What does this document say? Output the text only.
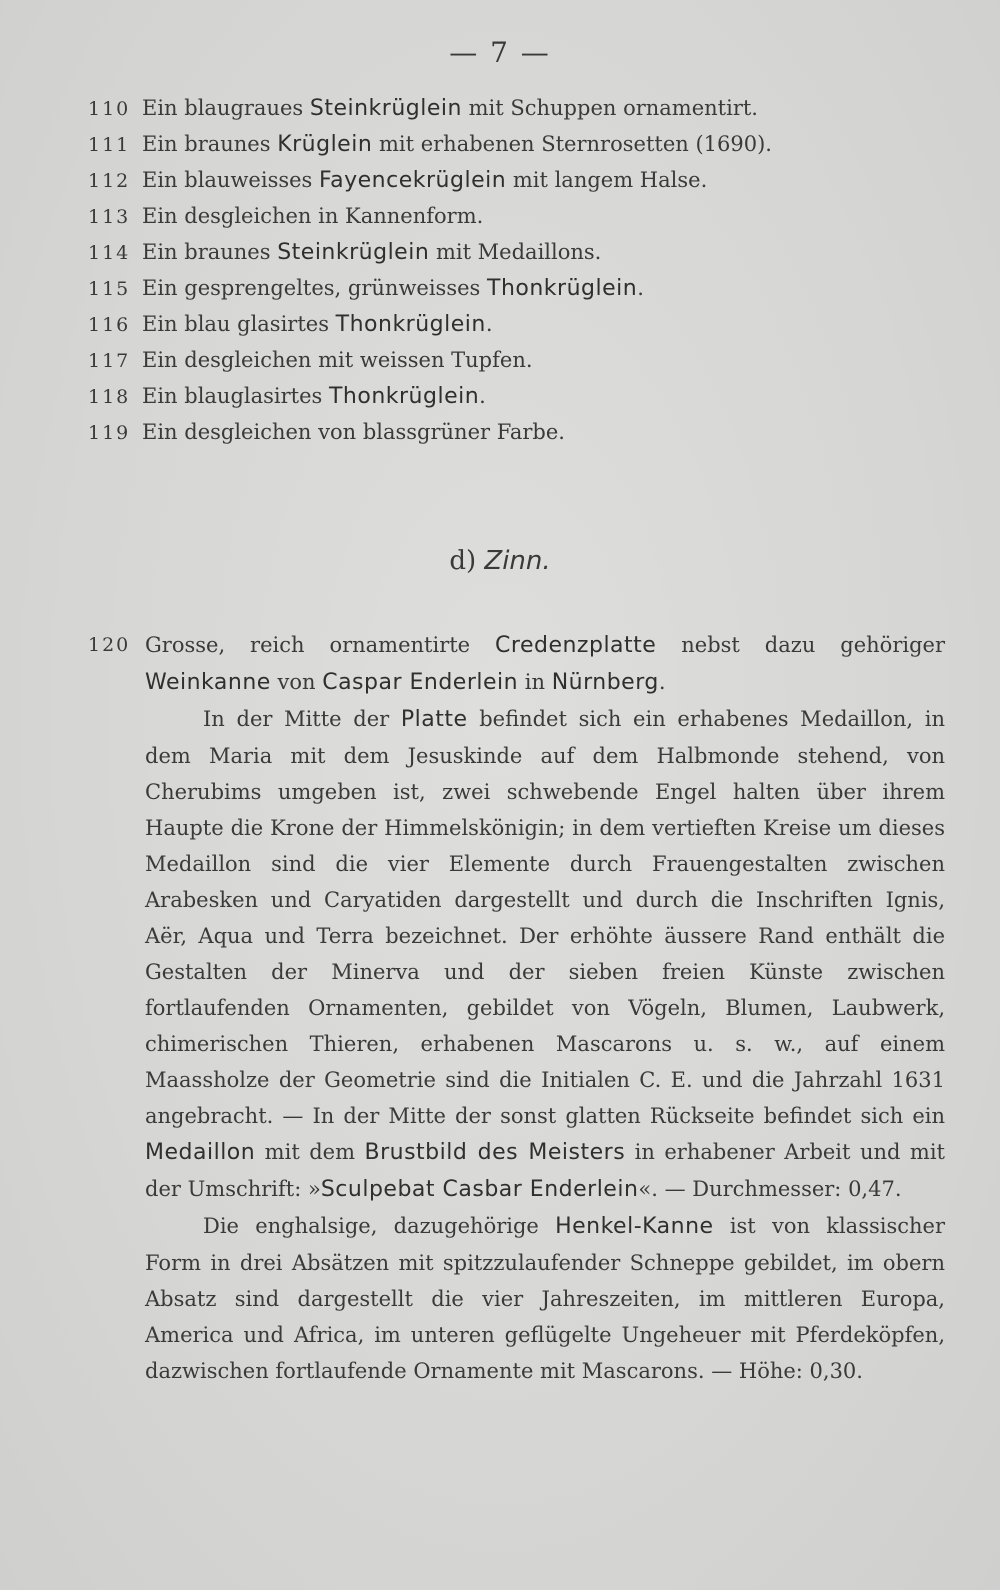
— 7 —
110 Ein blaugraues Steinkrüglein mit Schuppen ornamentirt.
111 Ein braunes Krüglein mit erhabenen Sternrosetten (1690).
112 Ein blauweisses Fayencekrüglein mit langem Halse.
113 Ein desgleichen in Kannenform.
114 Ein braunes Steinkrüglein mit Medaillons.
115 Ein gesprengeltes, grünweisses Thonkrüglein.
116 Ein blau glasirtes Thonkrüglein.
117 Ein desgleichen mit weissen Tupfen.
118 Ein blauglasirtes Thonkrüglein.
119 Ein desgleichen von blassgrüner Farbe.
d) Zinn.
120 Grosse, reich ornamentirte Credenzplatte nebst dazu gehöriger Weinkanne von Caspar Enderlein in Nürnberg.

In der Mitte der Platte befindet sich ein erhabenes Medaillon, in dem Maria mit dem Jesuskinde auf dem Halbmonde stehend, von Cherubims umgeben ist, zwei schwebende Engel halten über ihrem Haupte die Krone der Himmelskönigin; in dem vertieften Kreise um dieses Medaillon sind die vier Elemente durch Frauengestalten zwischen Arabesken und Caryatiden dargestellt und durch die Inschriften Ignis, Aër, Aqua und Terra bezeichnet. Der erhöhte äussere Rand enthält die Gestalten der Minerva und der sieben freien Künste zwischen fortlaufenden Ornamenten, gebildet von Vögeln, Blumen, Laubwerk, chimerischen Thieren, erhabenen Mascarons u. s. w., auf einem Maassholze der Geometrie sind die Initialen C. E. und die Jahrzahl 1631 angebracht. — In der Mitte der sonst glatten Rückseite befindet sich ein Medaillon mit dem Brustbild des Meisters in erhabener Arbeit und mit der Umschrift: »Sculpebat Casbar Enderlein«. — Durchmesser: 0,47.

Die enghalsige, dazugehörige Henkel-Kanne ist von klassischer Form in drei Absätzen mit spitzzulaufender Schneppe gebildet, im obern Absatz sind dargestellt die vier Jahreszeiten, im mittleren Europa, America und Africa, im unteren geflügelte Ungeheuer mit Pferdeköpfen, dazwischen fortlaufende Ornamente mit Mascarons. — Höhe: 0,30.
